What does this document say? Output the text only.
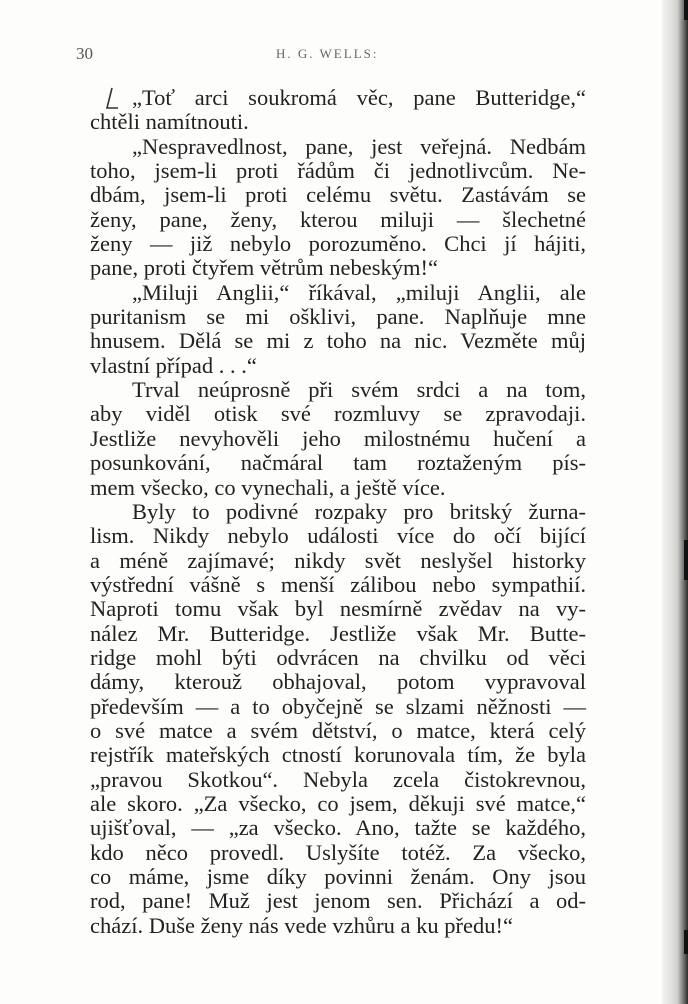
30	H. G. WELLS:
„Toť arci soukromá věc, pane Butteridge,“
chtěli namítnouti.
„Nespravedlnost, pane, jest veřejná. Nedbám
toho, jsem-li proti řádům či jednotlivcům. Ne-
dbám, jsem-li proti celému světu. Zastávám se
ženy, pane, ženy, kterou miluji — šlechetné
ženy — již nebylo porozuměno. Chci jí hájiti,
pane, proti čtyřem větrům nebeským!“
„Miluji Anglii,“ říkával, „miluji Anglii, ale
puritanism se mi ošklivi, pane. Naplňuje mne
hnusem. Dělá se mi z toho na nic. Vezměte můj
vlastní případ . . .“
Trval neúprosně při svém srdci a na tom,
aby viděl otisk své rozmluvy se zpravodaji.
Jestliže nevyhověli jeho milostnému hučení a
posunkování, načmáral tam roztaženým pís-
mem všecko, co vynechali, a ještě více.
Byly to podivné rozpaky pro britský žurna-
lism. Nikdy nebylo události více do očí bijící
a méně zajímavé; nikdy svět neslyšel historky
výstřední vášně s menší zálibou nebo sympathií.
Naproti tomu však byl nesmírně zvědav na vy-
nález Mr. Butteridge. Jestliže však Mr. Butte-
ridge mohl býti odvrácen na chvilku od věci
dámy, kterouž obhajoval, potom vypravoval
především — a to obyčejně se slzami něžnosti —
o své matce a svém dětství, o matce, která celý
rejstřík mateřských ctností korunovala tím, že byla
„pravou Skotkou“. Nebyla zcela čistokrevnou,
ale skoro. „Za všecko, co jsem, děkuji své matce,“
ujišťoval, — „za všecko. Ano, tažte se každého,
kdo něco provedl. Uslyšíte totéž. Za všecko,
co máme, jsme díky povinni ženám. Ony jsou
rod, pane! Muž jest jenom sen. Přichází a od-
chází. Duše ženy nás vede vzhůru a ku předu!“
